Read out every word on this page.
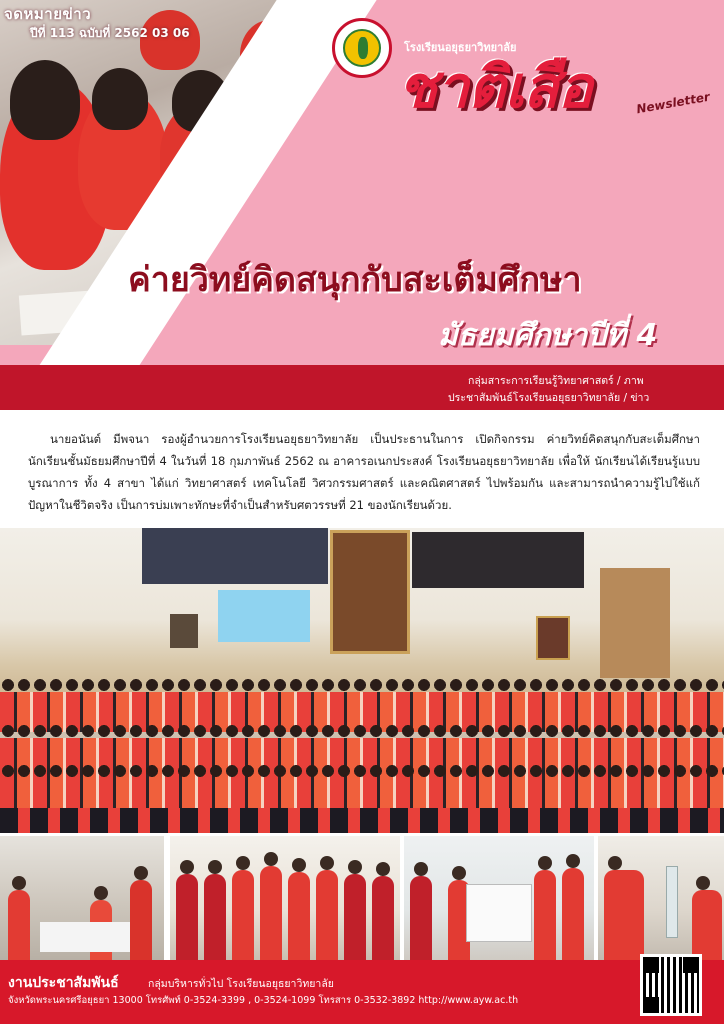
จดหมายข่าว
ปีที่ 113 ฉบับที่ 2562 03 06
โรงเรียนอยุธยาวิทยาลัย
ชาติเสือ	Newsletter
ค่ายวิทย์คิดสนุกกับสะเต็มศึกษา
มัธยมศึกษาปีที่ 4
กลุ่มสาระการเรียนรู้วิทยาศาสตร์ / ภาพ
ประชาสัมพันธ์โรงเรียนอยุธยาวิทยาลัย / ข่าว
นายอนันต์ มีพจนา รองผู้อำนวยการโรงเรียนอยุธยาวิทยาลัย เป็นประธานในการ เปิดกิจกรรม ค่ายวิทย์คิดสนุกกับสะเต็มศึกษา นักเรียนชั้นมัธยมศึกษาปีที่ 4 ในวันที่ 18 กุมภาพันธ์ 2562 ณ อาคารอเนกประสงค์ โรงเรียนอยุธยาวิทยาลัย เพื่อให้ นักเรียนได้เรียนรู้แบบบูรณาการ ทั้ง 4 สาขา ได้แก่ วิทยาศาสตร์ เทคโนโลยี วิศวกรรมศาสตร์ และคณิตศาสตร์ ไปพร้อมกัน และสามารถนำความรู้ไปใช้แก้ปัญหาในชีวิตจริง เป็นการบ่มเพาะทักษะที่จำเป็นสำหรับศตวรรษที่ 21 ของนักเรียนด้วย.
งานประชาสัมพันธ์	กลุ่มบริหารทั่วไป โรงเรียนอยุธยาวิทยาลัย
จังหวัดพระนครศรีอยุธยา 13000 โทรศัพท์ 0-3524-3399 , 0-3524-1099 โทรสาร 0-3532-3892 http://www.ayw.ac.th
